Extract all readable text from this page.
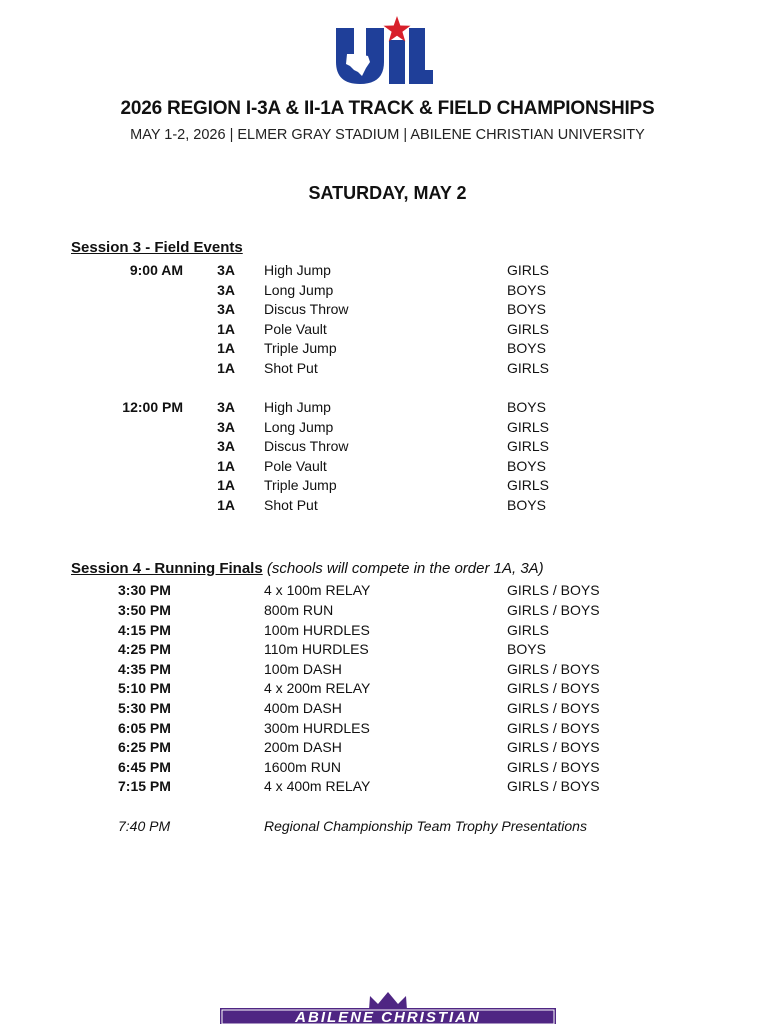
2026 REGION I-3A & II-1A TRACK & FIELD CHAMPIONSHIPS
MAY 1-2, 2026 | ELMER GRAY STADIUM | ABILENE CHRISTIAN UNIVERSITY
SATURDAY, MAY 2
Session 3 - Field Events
9:00 AM 3A High Jump	GIRLS
3A Long Jump	BOYS
3A Discus Throw	BOYS
1A Pole Vault	GIRLS
1A Triple Jump	BOYS
1A Shot Put	GIRLS
12:00 PM 3A High Jump	BOYS
3A Long Jump	GIRLS
3A Discus Throw	GIRLS
1A Pole Vault	BOYS
1A Triple Jump	GIRLS
1A Shot Put	BOYS
Session 4 - Running Finals (schools will compete in the order 1A, 3A)
3:30 PM	4 x 100m RELAY	GIRLS / BOYS
3:50 PM	800m RUN	GIRLS / BOYS
4:15 PM	100m HURDLES	GIRLS
4:25 PM	110m HURDLES	BOYS
4:35 PM	100m DASH	GIRLS / BOYS
5:10 PM	4 x 200m RELAY	GIRLS / BOYS
5:30 PM	400m DASH	GIRLS / BOYS
6:05 PM	300m HURDLES	GIRLS / BOYS
6:25 PM	200m DASH	GIRLS / BOYS
6:45 PM	1600m RUN	GIRLS / BOYS
7:15 PM	4 x 400m RELAY	GIRLS / BOYS
7:40 PM	Regional Championship Team Trophy Presentations
ABILENE CHRISTIAN
